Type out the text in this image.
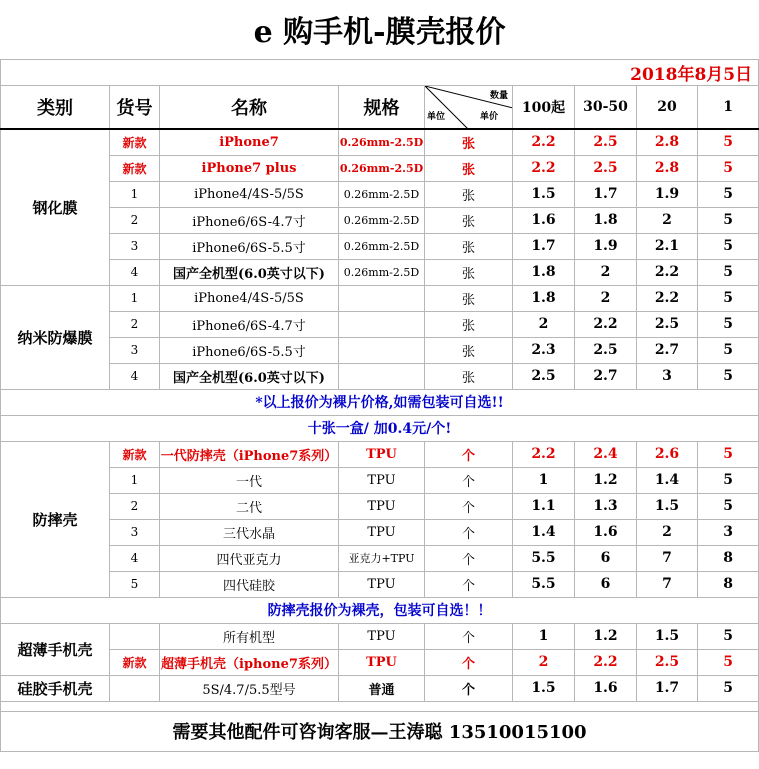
e 购手机-膜壳报价								
2018年8月5日								
类别	货号	名称	规格	数量
单位 单价	100起	30-50	20	1
钢化膜	新款	iPhone7	0.26mm-2.5D	张	2.2	2.5	2.8	5
	新款	iPhone7 plus	0.26mm-2.5D	张	2.2	2.5	2.8	5
	1	iPhone4/4S-5/5S	0.26mm-2.5D	张	1.5	1.7	1.9	5
	2	iPhone6/6S-4.7寸	0.26mm-2.5D	张	1.6	1.8	2	5
	3	iPhone6/6S-5.5寸	0.26mm-2.5D	张	1.7	1.9	2.1	5
	4	国产全机型(6.0英寸以下)	0.26mm-2.5D	张	1.8	2	2.2	5
纳米防爆膜	1	iPhone4/4S-5/5S		张	1.8	2	2.2	5
	2	iPhone6/6S-4.7寸		张	2	2.2	2.5	5
	3	iPhone6/6S-5.5寸		张	2.3	2.5	2.7	5
	4	国产全机型(6.0英寸以下)		张	2.5	2.7	3	5
*以上报价为裸片价格,如需包装可自选!!								
十张一盒/ 加0.4元/个!								
防摔壳	新款	一代防摔壳（iPhone7系列）	TPU	个	2.2	2.4	2.6	5
	1	一代	TPU	个	1	1.2	1.4	5
	2	二代	TPU	个	1.1	1.3	1.5	5
	3	三代水晶	TPU	个	1.4	1.6	2	3
	4	四代亚克力	亚克力+TPU	个	5.5	6	7	8
	5	四代硅胶	TPU	个	5.5	6	7	8
防摔壳报价为裸壳，包装可自选！！								
超薄手机壳		所有机型	TPU	个	1	1.2	1.5	5
	新款	超薄手机壳（iphone7系列）	TPU	个	2	2.2	2.5	5
硅胶手机壳		5S/4.7/5.5型号	普通	个	1.5	1.6	1.7	5

需要其他配件可咨询客服—王涛聪 13510015100								
